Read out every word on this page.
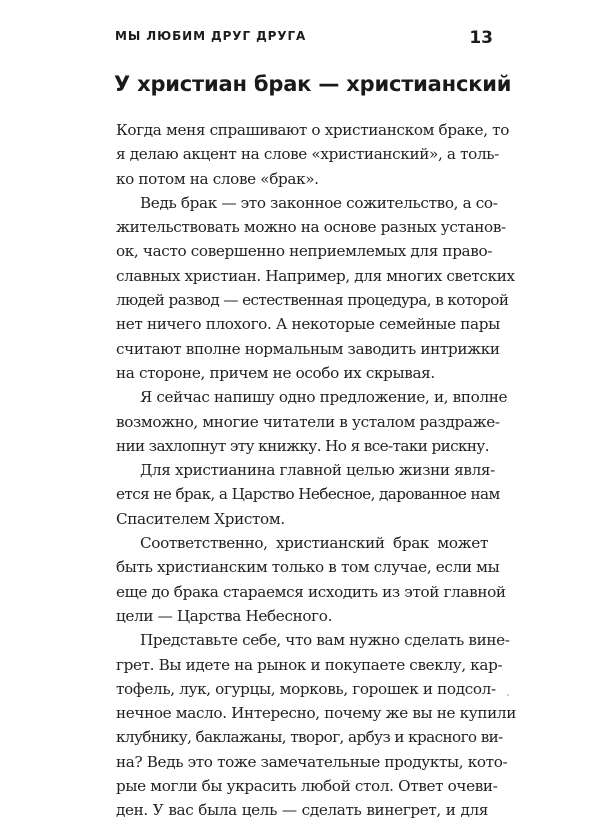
МЫ ЛЮБИМ ДРУГ ДРУГА	13
У христиан брак — христианский
Когда меня спрашивают о христианском браке, то
я делаю акцент на слове «христианский», а толь-
ко потом на слове «брак».
Ведь брак — это законное сожительство, а со-
жительствовать можно на основе разных установ-
ок, часто совершенно неприемлемых для право-
славных христиан. Например, для многих светских
людей развод — естественная процедура, в которой
нет ничего плохого. А некоторые семейные пары
считают вполне нормальным заводить интрижки
на стороне, причем не особо их скрывая.
Я сейчас напишу одно предложение, и, вполне
возможно, многие читатели в усталом раздраже-
нии захлопнут эту книжку. Но я все-таки рискну.
Для христианина главной целью жизни явля-
ется не брак, а Царство Небесное, дарованное нам
Спасителем Христом.
Соответственно, христианский брак может
быть христианским только в том случае, если мы
еще до брака стараемся исходить из этой главной
цели — Царства Небесного.
Представьте себе, что вам нужно сделать вине-
грет. Вы идете на рынок и покупаете свеклу, кар-
тофель, лук, огурцы, морковь, горошек и подсол-
нечное масло. Интересно, почему же вы не купили
клубнику, баклажаны, творог, арбуз и красного ви-
на? Ведь это тоже замечательные продукты, кото-
рые могли бы украсить любой стол. Ответ очеви-
ден. У вас была цель — сделать винегрет, и для
